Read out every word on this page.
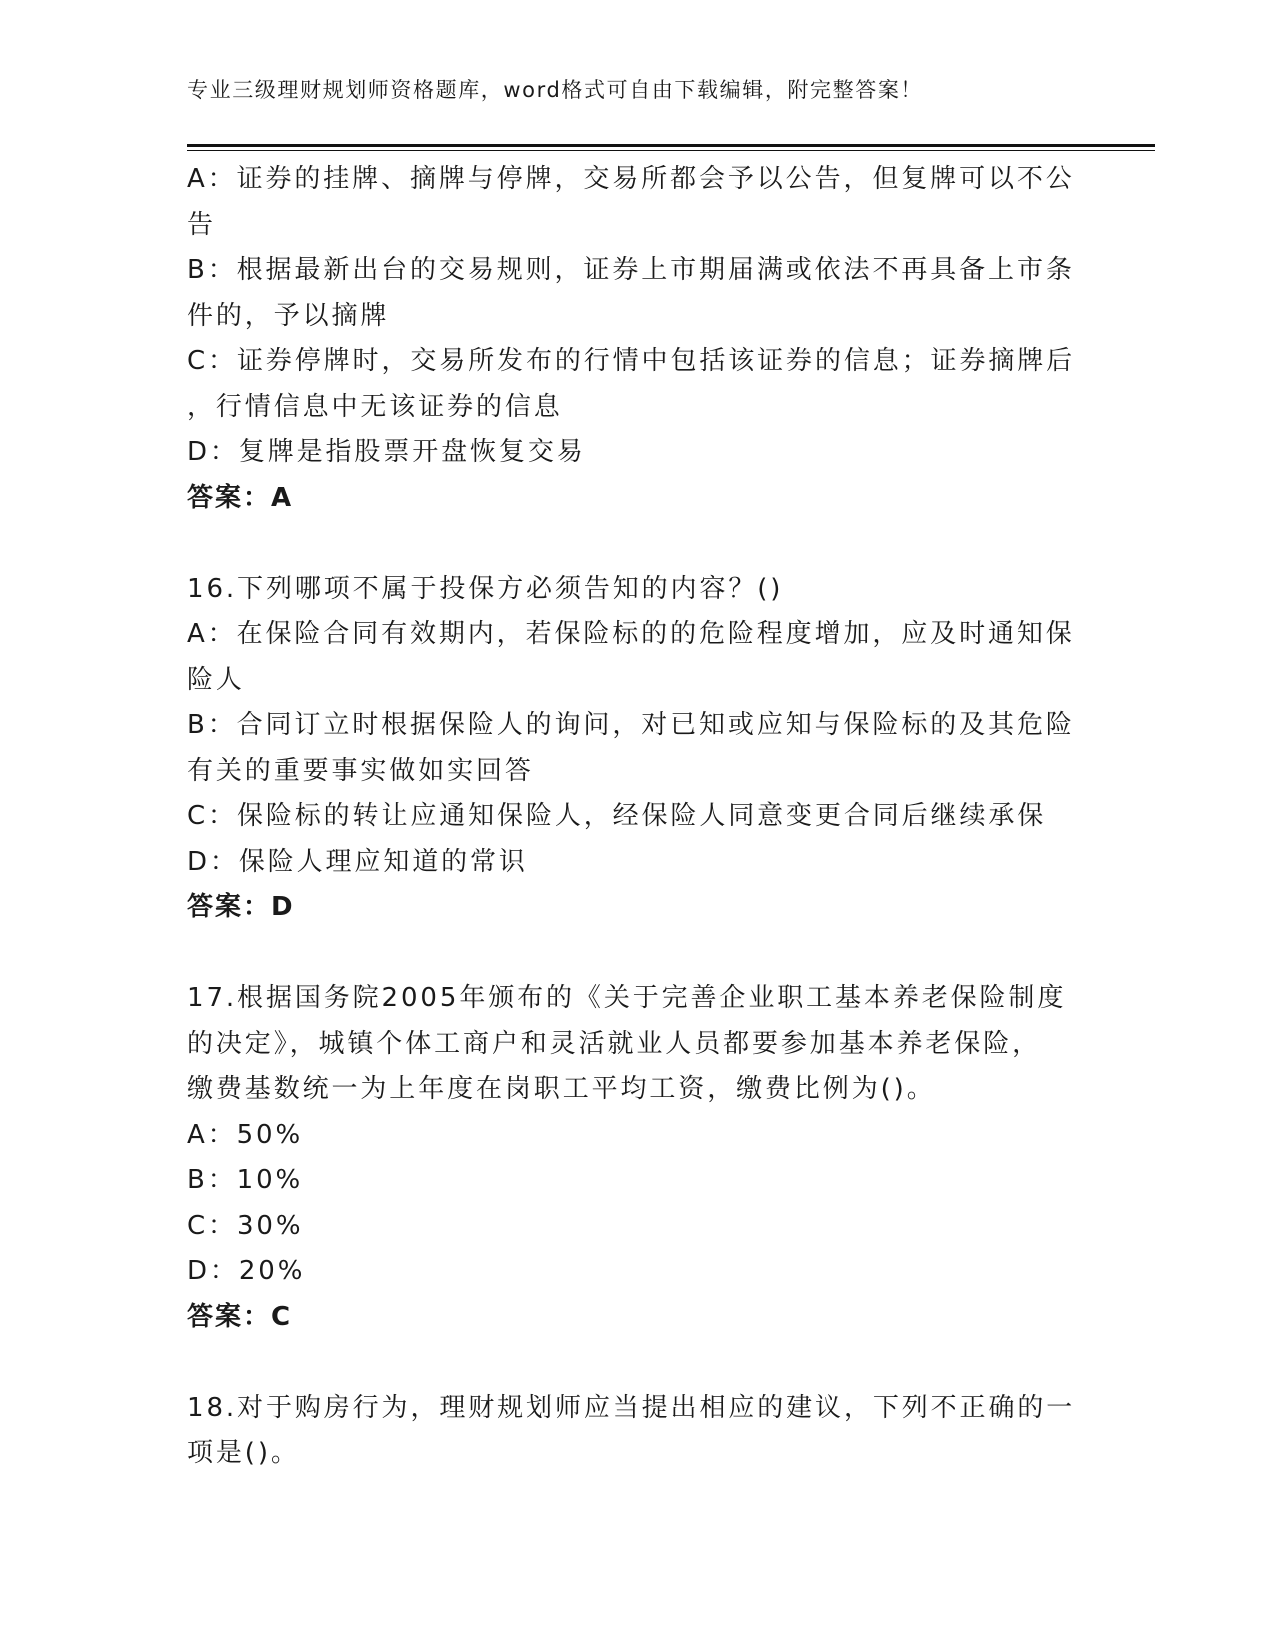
专业三级理财规划师资格题库，word格式可自由下载编辑，附完整答案！
A：证券的挂牌、摘牌与停牌，交易所都会予以公告，但复牌可以不公
告
B：根据最新出台的交易规则，证券上市期届满或依法不再具备上市条
件的，予以摘牌
C：证券停牌时，交易所发布的行情中包括该证券的信息；证券摘牌后
，行情信息中无该证券的信息
D：复牌是指股票开盘恢复交易
答案：A
16.下列哪项不属于投保方必须告知的内容？()
A：在保险合同有效期内，若保险标的的危险程度增加，应及时通知保
险人
B：合同订立时根据保险人的询问，对已知或应知与保险标的及其危险
有关的重要事实做如实回答
C：保险标的转让应通知保险人，经保险人同意变更合同后继续承保
D：保险人理应知道的常识
答案：D
17.根据国务院2005年颁布的《关于完善企业职工基本养老保险制度
的决定》，城镇个体工商户和灵活就业人员都要参加基本养老保险，
缴费基数统一为上年度在岗职工平均工资，缴费比例为()。
A：50%
B：10%
C：30%
D：20%
答案：C
18.对于购房行为，理财规划师应当提出相应的建议，下列不正确的一
项是()。
